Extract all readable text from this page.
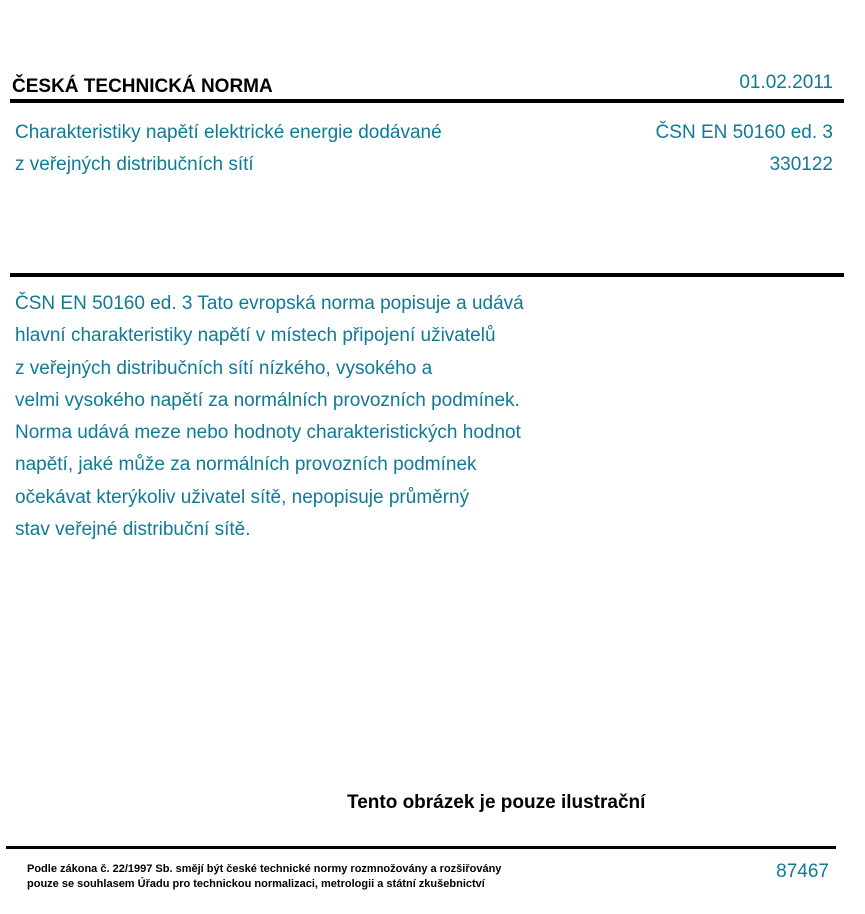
ČESKÁ TECHNICKÁ NORMA	01.02.2011
Charakteristiky napětí elektrické energie dodávané
z veřejných distribučních sítí
ČSN EN 50160 ed. 3
330122
ČSN EN 50160 ed. 3 Tato evropská norma popisuje a udává
hlavní charakteristiky napětí v místech připojení uživatelů
z veřejných distribučních sítí nízkého, vysokého a
velmi vysokého napětí za normálních provozních podmínek.
Norma udává meze nebo hodnoty charakteristických hodnot
napětí, jaké může za normálních provozních podmínek
očekávat kterýkoliv uživatel sítě, nepopisuje průměrný
stav veřejné distribuční sítě.
Tento obrázek je pouze ilustrační
Podle zákona č. 22/1997 Sb. smějí být české technické normy rozmnožovány a rozšiřovány
pouze se souhlasem Úřadu pro technickou normalizaci, metrologii a státní zkušebnictví
87467
